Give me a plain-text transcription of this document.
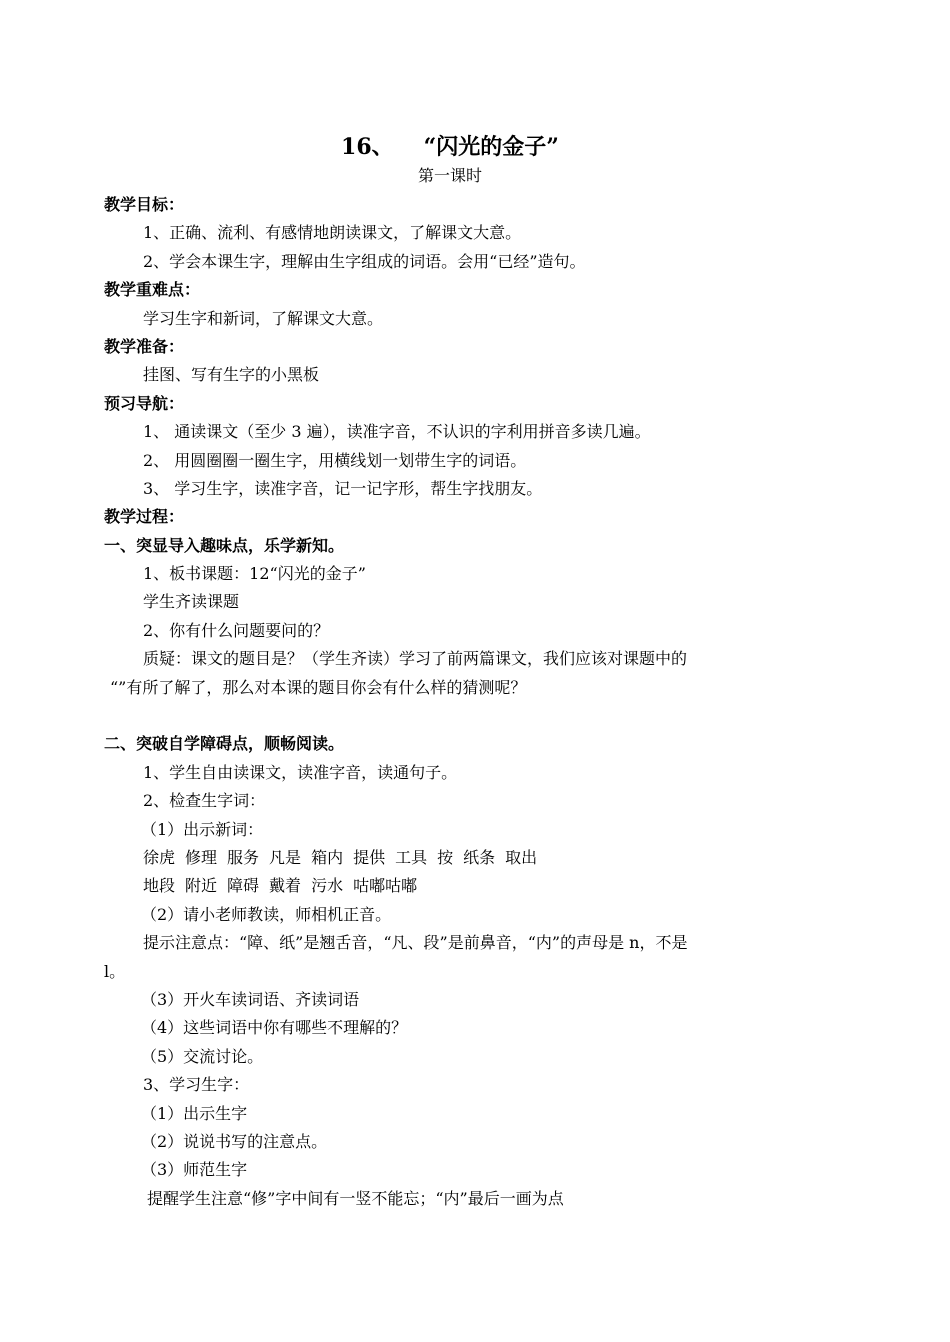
16、 “闪光的金子”
第一课时
教学目标：
1、正确、流利、有感情地朗读课文，了解课文大意。
2、学会本课生字，理解由生字组成的词语。会用“已经”造句。
教学重难点：
学习生字和新词，了解课文大意。
教学准备：
挂图、写有生字的小黑板
预习导航：
1、 通读课文（至少 3 遍），读准字音，不认识的字利用拼音多读几遍。
2、 用圆圈圈一圈生字，用横线划一划带生字的词语。
3、 学习生字，读准字音，记一记字形，帮生字找朋友。
教学过程：
一、突显导入趣味点，乐学新知。
1、板书课题：12“闪光的金子”
学生齐读课题
2、你有什么问题要问的？
质疑：课文的题目是？（学生齐读）学习了前两篇课文，我们应该对课题中的
“”有所了解了，那么对本课的题目你会有什么样的猜测呢？
二、突破自学障碍点，顺畅阅读。
1、学生自由读课文，读准字音，读通句子。
2、检查生字词：
（1）出示新词：
徐虎 修理 服务 凡是 箱内 提供 工具 按 纸条 取出
地段 附近 障碍 戴着 污水 咕嘟咕嘟
（2）请小老师教读，师相机正音。
提示注意点：“障、纸”是翘舌音，“凡、段”是前鼻音，“内”的声母是 n，不是
l。
（3）开火车读词语、齐读词语
（4）这些词语中你有哪些不理解的？
（5）交流讨论。
3、学习生字：
（1）出示生字
（2）说说书写的注意点。
（3）师范生字
提醒学生注意“修”字中间有一竖不能忘；“内”最后一画为点
